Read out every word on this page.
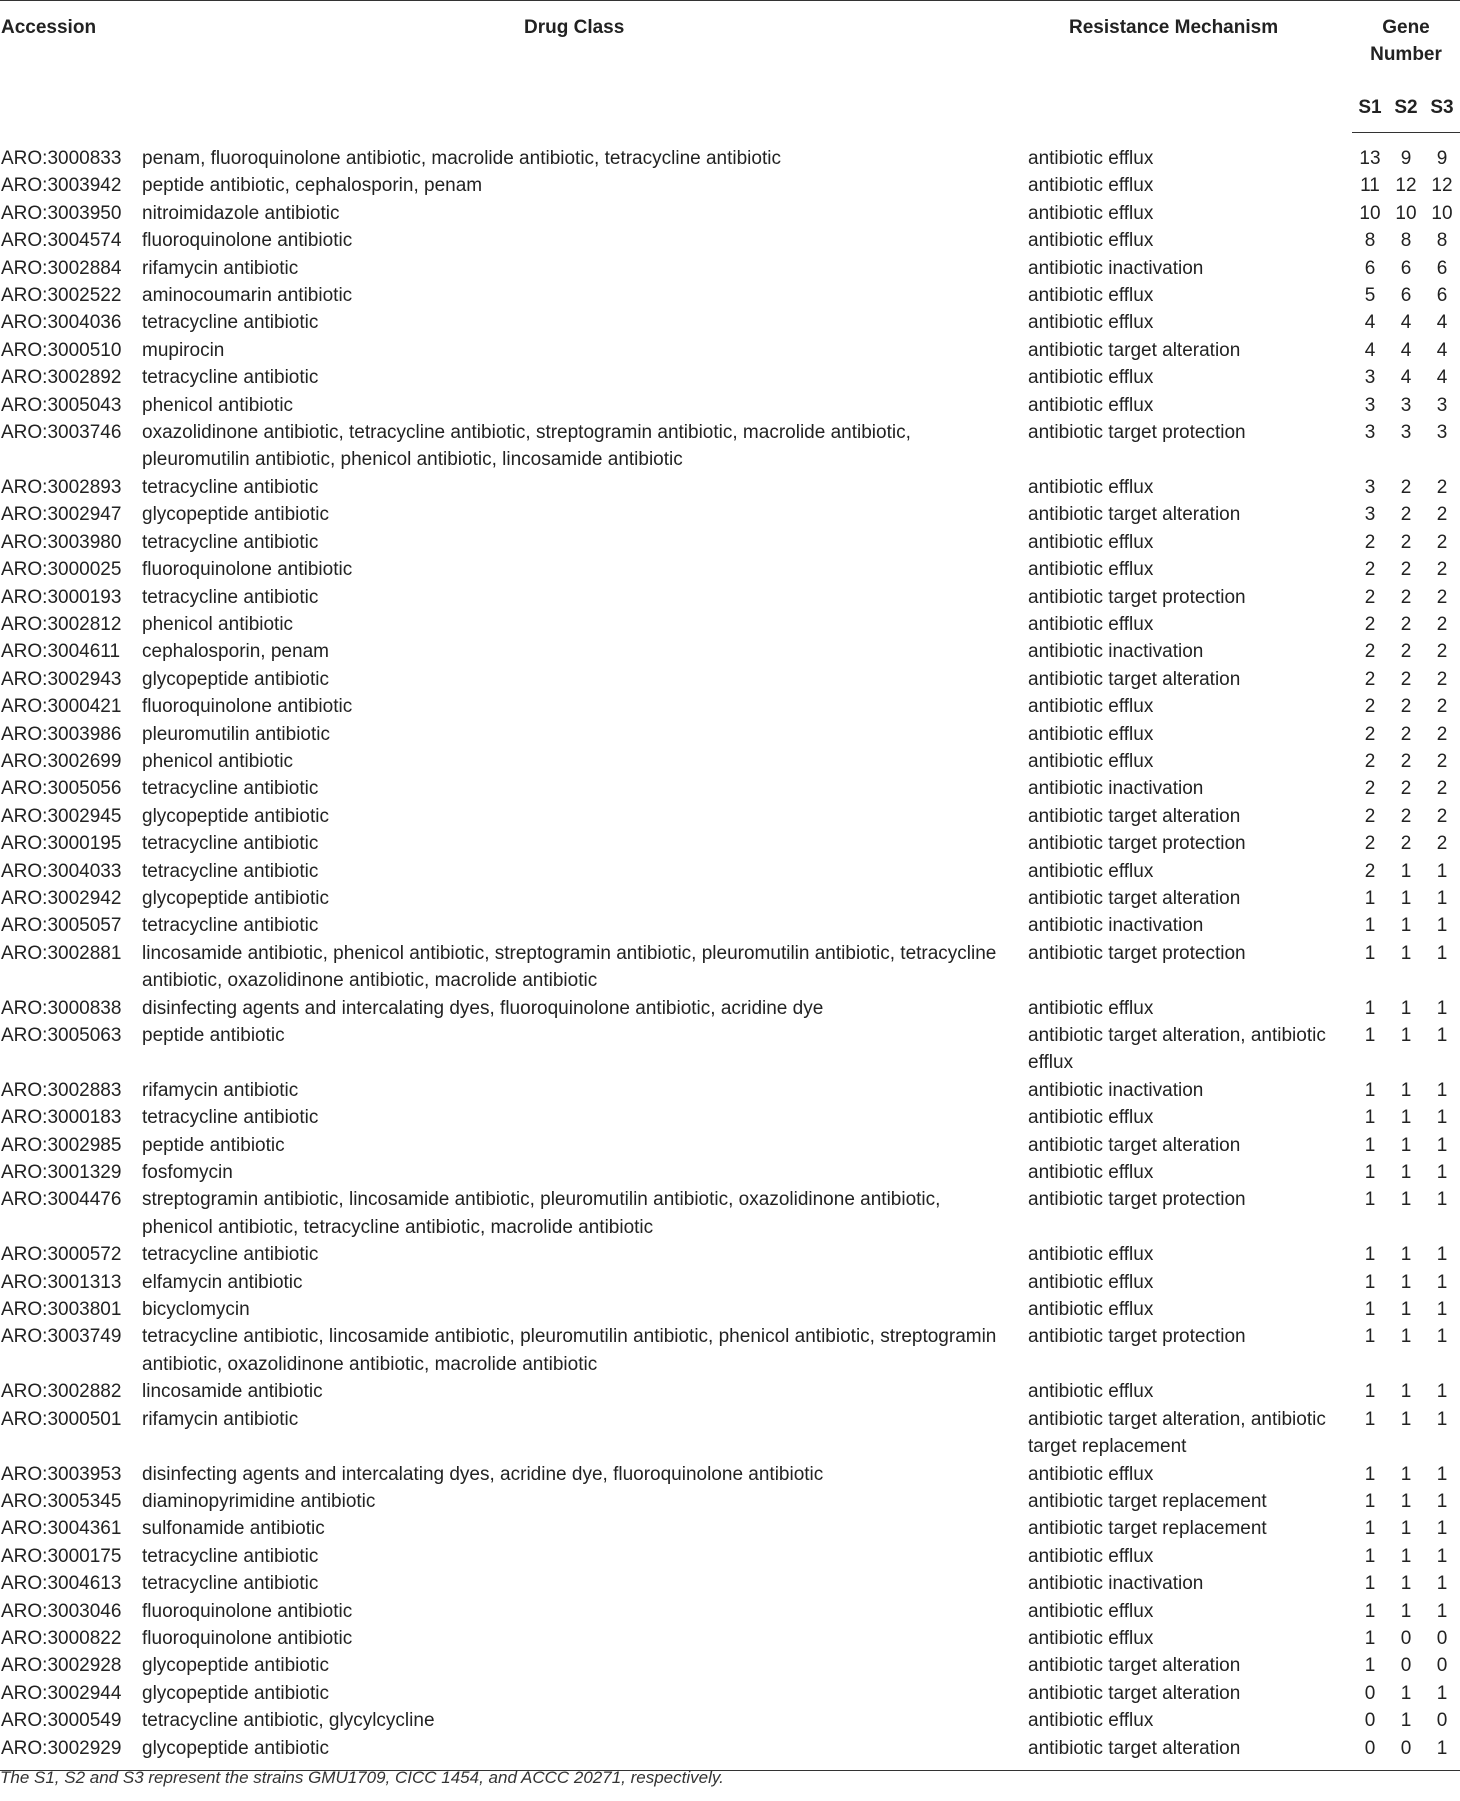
Accession	Drug Class	Resistance Mechanism	Gene Number		
			S1	S2	S3
ARO:3000833	penam, fluoroquinolone antibiotic, macrolide antibiotic, tetracycline antibiotic	antibiotic efflux	13	9	9
ARO:3003942	peptide antibiotic, cephalosporin, penam	antibiotic efflux	11	12	12
ARO:3003950	nitroimidazole antibiotic	antibiotic efflux	10	10	10
ARO:3004574	fluoroquinolone antibiotic	antibiotic efflux	8	8	8
ARO:3002884	rifamycin antibiotic	antibiotic inactivation	6	6	6
ARO:3002522	aminocoumarin antibiotic	antibiotic efflux	5	6	6
ARO:3004036	tetracycline antibiotic	antibiotic efflux	4	4	4
ARO:3000510	mupirocin	antibiotic target alteration	4	4	4
ARO:3002892	tetracycline antibiotic	antibiotic efflux	3	4	4
ARO:3005043	phenicol antibiotic	antibiotic efflux	3	3	3
ARO:3003746	oxazolidinone antibiotic, tetracycline antibiotic, streptogramin antibiotic, macrolide antibiotic, pleuromutilin antibiotic, phenicol antibiotic, lincosamide antibiotic	antibiotic target protection	3	3	3
ARO:3002893	tetracycline antibiotic	antibiotic efflux	3	2	2
ARO:3002947	glycopeptide antibiotic	antibiotic target alteration	3	2	2
ARO:3003980	tetracycline antibiotic	antibiotic efflux	2	2	2
ARO:3000025	fluoroquinolone antibiotic	antibiotic efflux	2	2	2
ARO:3000193	tetracycline antibiotic	antibiotic target protection	2	2	2
ARO:3002812	phenicol antibiotic	antibiotic efflux	2	2	2
ARO:3004611	cephalosporin, penam	antibiotic inactivation	2	2	2
ARO:3002943	glycopeptide antibiotic	antibiotic target alteration	2	2	2
ARO:3000421	fluoroquinolone antibiotic	antibiotic efflux	2	2	2
ARO:3003986	pleuromutilin antibiotic	antibiotic efflux	2	2	2
ARO:3002699	phenicol antibiotic	antibiotic efflux	2	2	2
ARO:3005056	tetracycline antibiotic	antibiotic inactivation	2	2	2
ARO:3002945	glycopeptide antibiotic	antibiotic target alteration	2	2	2
ARO:3000195	tetracycline antibiotic	antibiotic target protection	2	2	2
ARO:3004033	tetracycline antibiotic	antibiotic efflux	2	1	1
ARO:3002942	glycopeptide antibiotic	antibiotic target alteration	1	1	1
ARO:3005057	tetracycline antibiotic	antibiotic inactivation	1	1	1
ARO:3002881	lincosamide antibiotic, phenicol antibiotic, streptogramin antibiotic, pleuromutilin antibiotic, tetracycline antibiotic, oxazolidinone antibiotic, macrolide antibiotic	antibiotic target protection	1	1	1
ARO:3000838	disinfecting agents and intercalating dyes, fluoroquinolone antibiotic, acridine dye	antibiotic efflux	1	1	1
ARO:3005063	peptide antibiotic	antibiotic target alteration, antibiotic efflux	1	1	1
ARO:3002883	rifamycin antibiotic	antibiotic inactivation	1	1	1
ARO:3000183	tetracycline antibiotic	antibiotic efflux	1	1	1
ARO:3002985	peptide antibiotic	antibiotic target alteration	1	1	1
ARO:3001329	fosfomycin	antibiotic efflux	1	1	1
ARO:3004476	streptogramin antibiotic, lincosamide antibiotic, pleuromutilin antibiotic, oxazolidinone antibiotic, phenicol antibiotic, tetracycline antibiotic, macrolide antibiotic	antibiotic target protection	1	1	1
ARO:3000572	tetracycline antibiotic	antibiotic efflux	1	1	1
ARO:3001313	elfamycin antibiotic	antibiotic efflux	1	1	1
ARO:3003801	bicyclomycin	antibiotic efflux	1	1	1
ARO:3003749	tetracycline antibiotic, lincosamide antibiotic, pleuromutilin antibiotic, phenicol antibiotic, streptogramin antibiotic, oxazolidinone antibiotic, macrolide antibiotic	antibiotic target protection	1	1	1
ARO:3002882	lincosamide antibiotic	antibiotic efflux	1	1	1
ARO:3000501	rifamycin antibiotic	antibiotic target alteration, antibiotic target replacement	1	1	1
ARO:3003953	disinfecting agents and intercalating dyes, acridine dye, fluoroquinolone antibiotic	antibiotic efflux	1	1	1
ARO:3005345	diaminopyrimidine antibiotic	antibiotic target replacement	1	1	1
ARO:3004361	sulfonamide antibiotic	antibiotic target replacement	1	1	1
ARO:3000175	tetracycline antibiotic	antibiotic efflux	1	1	1
ARO:3004613	tetracycline antibiotic	antibiotic inactivation	1	1	1
ARO:3003046	fluoroquinolone antibiotic	antibiotic efflux	1	1	1
ARO:3000822	fluoroquinolone antibiotic	antibiotic efflux	1	0	0
ARO:3002928	glycopeptide antibiotic	antibiotic target alteration	1	0	0
ARO:3002944	glycopeptide antibiotic	antibiotic target alteration	0	1	1
ARO:3000549	tetracycline antibiotic, glycylcycline	antibiotic efflux	0	1	0
ARO:3002929	glycopeptide antibiotic	antibiotic target alteration	0	0	1
The S1, S2 and S3 represent the strains GMU1709, CICC 1454, and ACCC 20271, respectively.
